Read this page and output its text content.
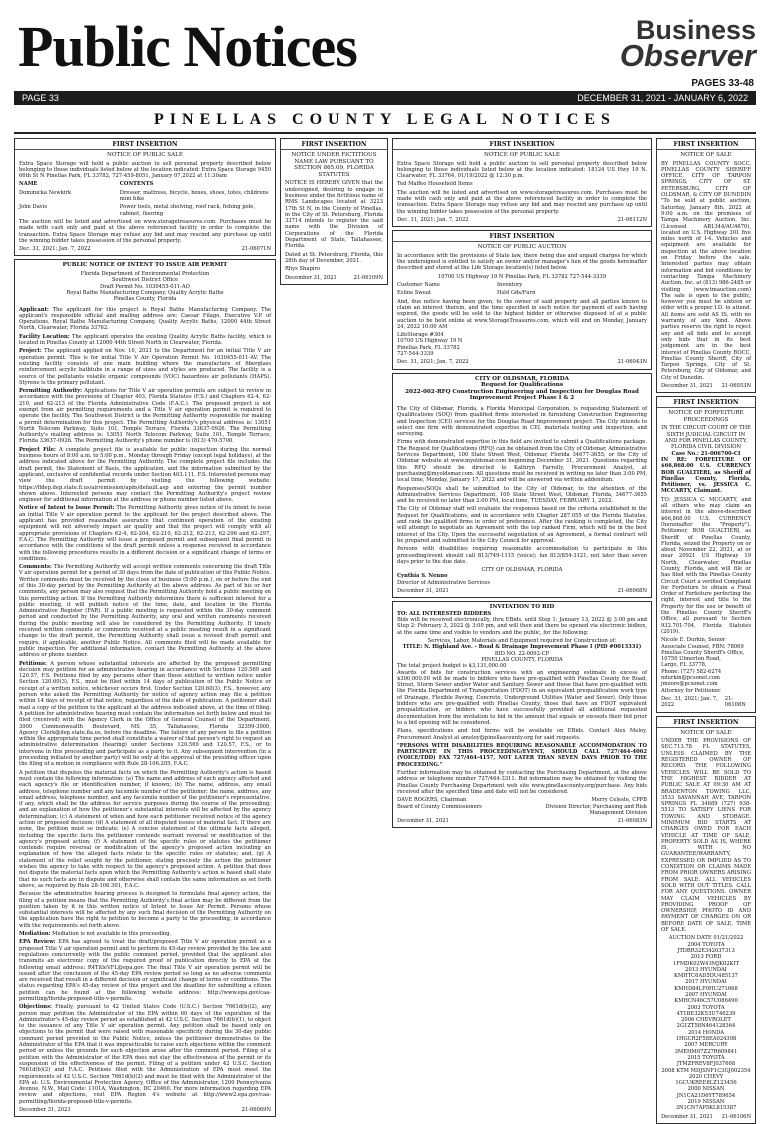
Public Notices	Business
Observer
PAGES 33-48
PAGE 33	DECEMBER 31, 2021 - JANUARY 6, 2022
PINELLAS COUNTY LEGAL NOTICES
FIRST INSERTION
NOTICE OF PUBLIC SALE
Extra Space Storage will hold a public auction to sell personal property described below belonging to those individuals listed below at the location indicated: Extra Space Storage 9450 66th St N Pinellas Park, FL 33782, 727-459-8051, January 07,2022 at 11:30am
NAME	CONTENTS
Dominicka Newkirk	Dresser, mattress, bicycle, boxes, shoes, totes, childrens mini bike
John Davis	Power tools, metal shelving, roof rack, fishing pole, cabinet, flooring
The auction will be listed and advertised on www.storagetreasures.com. Purchases must be made with cash only and paid at the above referenced facility in order to complete the transaction. Extra Space Storage may refuse any bid and may rescind any purchase up until the winning bidder takes possession of the personal property.
Dec. 31, 2021; Jan. 7, 2022	21-06071N
PUBLIC NOTICE OF INTENT TO ISSUE AIR PERMIT
Florida Department of Environmental Protection
Southwest District Office
Draft Permit No. 1030455-011-AO
Royal Bathe Manufacturing Company, Quality Acrylic Baths
Pinellas County, Florida
Applicant: The applicant for this project is Royal Bathe Manufacturing Company. The applicant's responsible official and mailing address are: Caesar Filago, Executive V.P. of Operations, Royal Bathe Manufacturing Company, Quality Acrylic Baths, 12000 44th Street North, Clearwater, Florida 33762.
Facility Location: The applicant operates the existing Quality Acrylic Baths facility, which is located in Pinellas County at 12000 44th Street North in Clearwater, Florida.
Project: The applicant applied on Nov. 10, 2021 to the Department for an initial Title V air operation permit. This is for initial Title V Air Operation Permit No. 1030455-011-AV. The existing facility consists of one main building where the manufacture of fiberglass reinforcement acrylic bathtubs in a range of sizes and styles are produced. The facility is a source of the pollutants volatile organic compounds (VOC) hazardous air pollutants (HAPS). Styrene is the primary pollutant.
Permitting Authority: Applications for Title V air operation permits are subject to review in accordance with the provisions of Chapter 403, Florida Statutes (F.S.) and Chapters 62-4, 62-210, and 62-213 of the Florida Administrative Code (F.A.C.). The proposed project is not exempt from air permitting requirements and a Title V air operation permit is required to operate the facility. The Southwest District is the Permitting Authority responsible for making a permit determination for this project. The Permitting Authority's physical address is: 13051 North Telecom Parkway, Suite 101, Temple Terrace, Florida 33637-0926. The Permitting Authority's mailing address is: 13051 North Telecom Parkway, Suite 101, Temple Terrace, Florida 33637-0926. The Permitting Authority's phone number is (813) 470-5700.
Project File: A complete project file is available for public inspection during the normal business hours of 8:00 a.m. to 5:00 p.m., Monday through Friday (except legal holidays), at the address indicated above for the Permitting Authority. The complete project file includes the draft permit, the Statement of Basis, the application, and the information submitted by the applicant, exclusive of confidential records under Section 403.111, F.S. Interested persons may view the draft permit by visiting the following website: https://fldep.dep.state.fl.us/air/emission/apds/default.asp and entering the permit number shown above. Interested persons may contact the Permitting Authority's project review engineer for additional information at the address or phone number listed above.
Notice of Intent to Issue Permit: The Permitting Authority gives notice of its intent to issue an initial Title V air operation permit to the applicant for the project described above. The applicant has provided reasonable assurance that continued operation of the existing equipment will not adversely impact air quality and that the project will comply with all appropriate provisions of Chapters 62-4, 62-204, 62-210, 62-212, 62-213, 62-296 and 62-297, F.A.C. The Permitting Authority will issue a proposed permit and subsequent final permit in accordance with the conditions of the draft permit unless a response received in accordance with the following procedures results in a different decision or a significant change of terms or conditions.
Comments: The Permitting Authority will accept written comments concerning the draft Title V air operation permit for a period of 30 days from the date of publication of this Public Notice. Written comments must be received by the close of business (5:00 p.m.), on or before the end of this 30-day period by the Permitting Authority at the above address. As part of his or her comments, any person may also request that the Permitting Authority hold a public meeting on this permitting action. If the Permitting Authority determines there is sufficient interest for a public meeting, it will publish notice of the time, date, and location in the Florida Administrative Register (FAR). If a public meeting is requested within the 30-day comment period and conducted by the Permitting Authority, any oral and written comments received during the public meeting will also be considered by the Permitting Authority. If timely received written comments or comments received at a public meeting result in a significant change to the draft permit, the Permitting Authority shall issue a revised draft permit and require, if applicable, another Public Notice. All comments filed will be made available for public inspection. For additional information, contact the Permitting Authority at the above address or phone number.
Petitions: A person whose substantial interests are affected by the proposed permitting decision may petition for an administrative hearing in accordance with Sections 120.569 and 120.57, F.S. Petitions filed by any persons other than those entitled to written notice under Section 120.60(3), F.S., must be filed within 14 days of publication of the Public Notice or receipt of a written notice, whichever occurs first. Under Section 120.60(3), F.S., however, any person who asked the Permitting Authority for notice of agency action may file a petition within 14 days of receipt of that notice, regardless of the date of publication. A petitioner shall mail a copy of the petition to the applicant at the address indicated above, at the time of filing. A petition for administrative hearing must contain the information set forth below and must be filed (received) with the Agency Clerk in the Office of General Counsel of the Department, 3900 Commonwealth Boulevard, MS 35, Tallahassee, Florida 32399-3000, Agency_Clerk@dep.state.fla.us, before the deadline. The failure of any person to file a petition within the appropriate time period shall constitute a waiver of that person's right to request an administrative determination (hearing) under Sections 120.569 and 120.57, F.S., or to intervene in this proceeding and participate as a party to it. Any subsequent intervention (in a proceeding initiated by another party) will be only at the approval of the presiding officer upon the filing of a motion in compliance with Rule 28-106.205, F.A.C.
A petition that disputes the material facts on which the Permitting Authority's action is based must contain the following information: (a) The name and address of each agency affected and each agency's file or identification number, if known; (b) The name, address, any email address, telephone number and any facsimile number of the petitioner; the name, address, any email address, telephone number, and any facsimile number of the petitioner's representative, if any, which shall be the address for service purposes during the course of the proceeding; and an explanation of how the petitioner's substantial interests will be affected by the agency determination; (c) A statement of when and how each petitioner received notice of the agency action or proposed decision; (d) A statement of all disputed issues of material fact. If there are none, the petition must so indicate; (e) A concise statement of the ultimate facts alleged, including the specific facts the petitioner contends warrant reversal or modification of the agency's proposed action; (f) A statement of the specific rules or statutes the petitioner contends require reversal or modification of the agency's proposed action including an explanation of how the alleged facts relate to the specific rules or statutes; and, (g) A statement of the relief sought by the petitioner, stating precisely the action the petitioner wishes the agency to take with respect to the agency's proposed action. A petition that does not dispute the material facts upon which the Permitting Authority's action is based shall state that no such facts are in dispute and otherwise shall contain the same information as set forth above, as required by Rule 28-106.301, F.A.C.
Because the administrative hearing process is designed to formulate final agency action, the filing of a petition means that the Permitting Authority's final action may be different from the position taken by it in this written notice of Intent to Issue Air Permit. Persons whose substantial interests will be affected by any such final decision of the Permitting Authority on the application have the right to petition to become a party to the proceeding, in accordance with the requirements set forth above.
Mediation: Mediation is not available in this proceeding.
EPA Review: EPA has agreed to treat the draft/proposed Title V air operation permit as a proposed Title V air operation permit and to perform its 45-day review provided by the law and regulations concurrently with the public comment period, provided that the applicant also transmits an electronic copy of the required proof of publication directly to EPA at the following email address: R4TitleVFL@epa.gov. The final Title V air operation permit will be issued after the conclusion of the 45-day EPA review period so long as no adverse comments are received that result in a different decision or significant change of terms or conditions. The status regarding EPA's 45-day review of this project and the deadline for submitting a citizen petition can be found at the following website address: http://www.epa.gov/caa-permitting/florida-proposed-title-v-permits.
Objections: Finally, pursuant to 42 United States Code (U.S.C.) Section 7661d(b)(2), any person may petition the Administrator of the EPA within 60 days of the expiration of the Administrator's 45-day review period as established at 42 U.S.C. Section 7661d(b)(1), to object to the issuance of any Title V air operation permit. Any petition shall be based only on objections to the permit that were raised with reasonable specificity during the 30-day public comment period provided in the Public Notice, unless the petitioner demonstrates to the Administrator of the EPA that it was impracticable to raise such objections within the comment period or unless the grounds for such objection arose after the comment period. Filing of a petition with the Administrator of the EPA does not stay the effectiveness of the permit or its suspension of the effectiveness of the permit. Filing of a petition under 42 U.S.C. Section 7661d(b)(2) and F.A.C. Petitions filed with the Administration of EPA must meet the requirements of 42 U.S.C. Section 7661d(b)(2) and must be filed with the Administrator of the EPA at: U.S. Environmental Protection Agency, Office of the Administrator, 1200 Pennsylvania Avenue, N.W., Mail Code: 1101A, Washington, DC 20460. For more information regarding EPA review and objections, visit EPA Region 4's website at http://www2.epa.gov/caa-permitting/florida-proposed-title-v-permits.
December 31, 2021	21-06069N
FIRST INSERTION
NOTICE UNDER FICTITIOUS NAME LAW PURSUANT TO SECTION 865.09, FLORIDA STATUTES
NOTICE IS HEREBY GIVEN that the undersigned, desiring to engage in business under the fictitious name of RMS Landscapes located at 3223 17th St N, in the County of Pinellas, in the City of St. Petersburg, Florida 33714 intends to register the said name with the Division of Corporations of the Florida Department of State, Tallahassee, Florida.
Dated at St. Petersburg, Florida, this 28th day of December, 2021.
Rhys Shapiro
December 31, 2021	21-06109N
FIRST INSERTION
NOTICE OF PUBLIC SALE
Extra Space Storage will hold a public auction to sell personal property described below belonging to those individuals listed below at the location indicated: 18124 US Hwy 19 N. Clearwater, FL 33764, 01/19/2022 @ 12:30 p.m.
Ted Maffeo Household Items
The auction will be listed and advertised on www.storagetreasures.com. Purchases must be made with cash only and paid at the above referenced facility in order to complete the transaction. Extra Space Storage may refuse any bid and may rescind any purchase up until the winning bidder takes possession of the personal property.
Dec. 31, 2021; Jan. 7, 2022	21-06112N
FIRST INSERTION
NOTICE OF PUBLIC AUCTION
In accordance with the provisions of State law, there being due and unpaid charges for which the undersigned is entitled to satisfy an owner and/or manager's lien of the goods hereinafter described and stored at the Life Storage location(s) listed below.
10700 US Highway 19 N Pinellas Park, FL 33782 727-544-3339
Customer Name	Inventory
Esline Sweat	Hsld Gds/Furn
And, due notice having been given, to the owner of said property and all parties known to claim an interest therein, and the time specified in such notice for payment of such having expired, the goods will be sold to the highest bidder or otherwise disposed of at a public auction to be held online at www.StorageTreasures.com, which will end on Monday, January 24, 2022 10:00 AM
LifeStorage #304
10700 US Highway 19 N
Pinellas Park, FL 33782
727-544-3339
Dec. 31, 2021; Jan. 7, 2022	21-06043N
CITY OF OLDSMAR, FLORIDA
Request for Qualifications
2022-002-RFQ Construction Engineering and Inspection for Douglas Road Improvement Project Phase I & 2
The City of Oldsmar, Florida, a Florida Municipal Corporation, is requesting Statement of Qualifications (SOQ) from qualified firms interested in furnishing Construction Engineering and Inspection (CEI) services for the Douglas Road Improvement project. The City intends to select one firm with demonstrated expertise in CEI, materials testing and inspection, and surveying.
Firms with demonstrated expertise in this field are invited to submit a Qualifications package. The Request for Qualifications (RFQ) can be obtained from the City of Oldsmar, Administrative Services Department, 100 State Street West, Oldsmar, Florida 34677-3655; or the City of Oldsmar website at www.myoldsmar.com beginning December 31, 2021. Questions regarding this RFQ should be directed to Kathryn Farrelly, Procurement Analyst, at purchasing@myoldsmar.com. All questions must be received in writing no later than 3:00 PM, local time, Monday, January 17, 2022 and will be answered via written addendum.
Responses/SOQs shall be submitted to the City of Oldsmar, to the attention of the Administrative Services Department, 100 State Street West, Oldsmar, Florida, 34677-3655 and be received no later than 2:00 PM, local time, TUESDAY, FEBRUARY 1, 2022.
The City of Oldsmar staff will evaluate the responses based on the criteria established in the Request for Qualifications, and in accordance with Chapter 287.055 of the Florida Statutes, and rank the qualified firms in order of preference. After the ranking is completed, the City will attempt to negotiate an Agreement with the top ranked Firm, which will be in the best interest of the City. Upon the successful negotiation of an Agreement, a formal contract will be prepared and submitted to the City Council for approval.
Persons with disabilities requiring reasonable accommodation to participate in this proceeding/event should call 813/749-1115 (voice); fax 813/854-3121, not later than seven days prior to the due date.
CITY OF OLDSMAR, FLORIDA
Cynthia S. Nenno
Director of Administrative Services
December 31, 2021	21-06068N
INVITATION TO BID
TO: ALL INTERESTED BIDDERS
Bids will be received electronically, thru EBids, until Step 1: January 13, 2022 @ 3:00 pm and Step 2: February 3, 2022 @ 3:00 pm, and will then and there be opened via electronic bidbox, at the same time and visible to vendors and the public, for the following:
Services, Labor, Materials and Equipment required for Construction of:
TITLE: N. Highland Ave. - Road & Drainage Improvement Phase I (PID #0013331)
BID NO. 22-0092-CP
PINELLAS COUNTY, FLORIDA
The total project budget is $3,131,000.00
Awards of bids for construction services with an engineering estimate in excess of $300,000.00 will be made to bidders who have pre-qualified with Pinellas County for Road, Street, Storm Sewer and/or Water and Sanitary Sewer and those that have pre-qualified with the Florida Department of Transportation (FDOT) in an equivalent prequalification work type of Drainage, Flexible Paving, Concrete, Underground Utilities (Water and Sewer). Only those bidders who are pre-qualified with Pinellas County, those that have an FDOT equivalent prequalification, or bidders who have successfully provided all additional requested documentation from the invitation to bid in the amount that equals or exceeds their bid prior to a bid opening will be considered.
Plans, specifications and bid forms will be available on EBids. Contact Alex Meloy, Procurement Analyst at ameloy@pinellascounty.org for said requests.
"PERSONS WITH DISABILITIES REQUIRING REASONABLE ACCOMMODATION TO PARTICIPATE IN THIS PROCEEDING/EVENT, SHOULD CALL 727/464-4062 (VOICE/TDD) FAX 727/464-4157, NOT LATER THAN SEVEN DAYS PRIOR TO THE PROCEEDING."
Further information may be obtained by contacting the Purchasing Department, at the above address or telephone number 727/464-3311. Bid information may be obtained by visiting the Pinellas County Purchasing Department web site www.pinellascounty.org/purchase. Any bids received after the specified time and date will not be considered.
DAVE ROGERS, Chairman
Board of County Commissioners
Merry Celeste, CPPB
Division Director, Purchasing and Risk Management Division
December 31, 2021	21-06083N
FIRST INSERTION
NOTICE OF SALE
BY PINELLAS COUNTY SOCC, PINELLAS COUNTY SHERIFF OFFICE, CITY OF TARPON SPRINGS, CITY OF ST. PETERSBURG, CITY OF OLDSMAR, & CITY OF DUNEDIN "To be sold at public auction, Saturday, January 8th, 2022 at 9:00 a.m. on the premises of Tampa Machinery Auction, Inc. (Licensed AB1344/AU4670), located on U.S. Highway 301 five miles north of I-4. Vehicles and equipment are available for inspection at the above location on Friday before the sale. Interested parties may obtain information and bid conditions by contacting Tampa Machinery Auction, Inc. at (813) 986-2485 or visiting (www.tmauction.com) The sale is open to the public, however you must be sixteen or older with a proper I.D. to attend. All items are sold AS IS, with no warranty of any kind. Above parties reserve the right to reject any and all bids and to accept only bids that in its best judgement are in the best interest of Pinellas County BOCC, Pinellas County Sheriff, City of Tarpon Springs, City of St. Petersburg, City of Oldsmar, and City of Dunedin.
December 31, 2021 21-06053N
FIRST INSERTION
NOTICE OF FORFEITURE PROCEEDINGS
IN THE CIRCUIT COURT OF THE SIXTH JUDICIAL CIRCUIT IN AND FOR PINELLAS COUNTY, FLORIDA CIVIL DIVISION
Case No.: 21-006700-CI
IN RE: FORFEITURE OF $66,868.00 U.S. CURRENCY BOB GUALTIERI, as Sheriff of Pinellas County, Florida, Petitioner, vs. JESSICA C. MCCARTY, Claimant.
TO: JESSICA C. MCCARTY, and all others who may claim an interest in the above-described $66,868.00 U.S. CURRENCY (hereinafter the "Property"). Petitioner, BOB GUALTIERI, as Sheriff of Pinellas County, Florida, seized the Property on or about November 22, 2021, at or near 20921 US Highway 19 North, Clearwater, Pinellas County, Florida, and will file or has filed with the Pinellas County Circuit Court a verified Complaint for Forfeiture to obtain a Final Order of Forfeiture perfecting the right, interest and title to the Property for the use or benefit of the Pinellas County Sheriff's Office, all pursuant to Section 932.701-704, Florida Statutes (2019).
Nicole E. Durkin, Senior Associate Counsel, FBN: 78069
Pinellas County Sheriff's Office,
10750 Ulmerton Road,
Largo, FL 33778,
Phone: (727) 582-6274
ndurkin@pcsonet.com
jmoore@pcsonet.com
Attorney for Petitioner
Dec. 31, 2021; Jan. 7, 2022
21-06108N
FIRST INSERTION
NOTICE OF SALE
UNDER THE PROVISIONS OF SEC.713.78 FL STATUTES, UNLESS CLAIMED BY THE REGISTERED OWNER OF RECORD. THE FOLLOWING VEHICLES WILL BE SOLD TO THE HIGHEST BIDDER AT PUBLIC SALE AT 09:30 AM AT BRADENTON TOWING LLC, 3533 SAVANNAH AVE, TARPON SPRINGS FL 34689 (727) 938-5513 TO SATISFY LIENS FOR TOWING AND STORAGE. MINIMUM BID STARTS AT CHARGES OWED FOR EACH VEHICLE AT TIME OF SALE, PROPERTY SOLD AS IS, WHERE IS, WITH NO GUARANTEE/WARRANTY, EXPRESSED OR IMPLIED AS TO CONDITION OR CLAIMS MADE FROM PRIOR OWNERS ARISING FROM SALE. ALL VEHICLES SOLD WITH OUT TITLES. CALL FOR ANY QUESTIONS. OWNER MAY CLAIM VEHICLES BY PROVIDING PROOF OF OWNERSHIP, PHOTO ID AND PAYMENT OF CHARGES ON OR BEFORE DATE OF SALE, TIME OF SALE.
AUCTION DATE 01/21/2022
2004 TOYOTA JTDBR32E342037313
2013 FORD 1FMDK02W43MJK02KIT
2013 HYUNDAI
KMHTC6AD5DU485137
2017 HYUNDAI
KMHD84LF0HU271668
2007 HYUNDAI
KMHCN46C57U086490
2003 TOYOTA 4T1BE32K53U746239
2006 CHEVROLET 2G1ZT58N464128364
2014 HONDA 1HGCR2F58EA024398
2007 MERCURY
3MEHM07Z27R609841
2015 TOYOTA JTMZFREV8FJ037608
2008 KTM MDJSNF1C3GJ002354
2020 CHEVY 1GCUKREE8LZ123456
2000 NISSAN JN1CA21D6YT789654
2019 NISSAN 3N1CN7AP5KL815387
December 31, 2021 21-06106N
